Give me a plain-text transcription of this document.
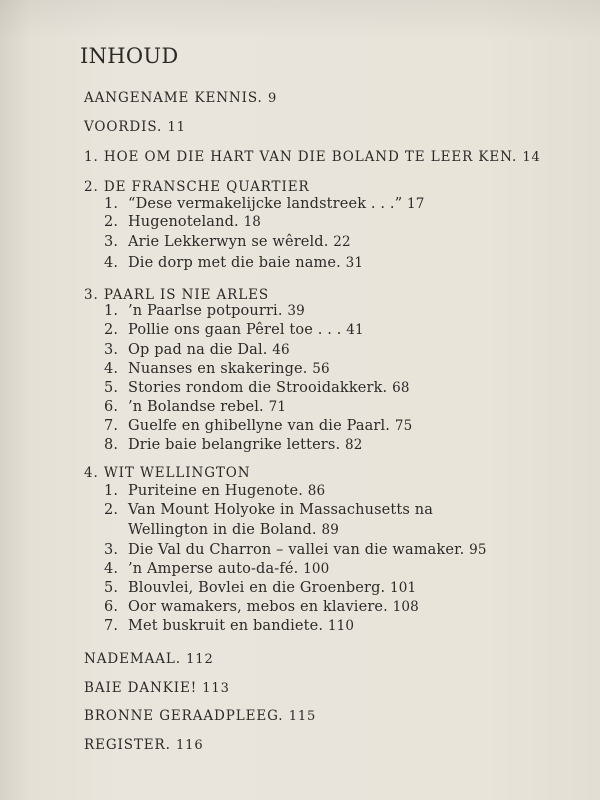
INHOUD
AANGENAME KENNIS. 9
VOORDIS. 11
1. HOE OM DIE HART VAN DIE BOLAND TE LEER KEN. 14
2. DE FRANSCHE QUARTIER
1. “Dese vermakelijcke landstreek . . .” 17
2. Hugenoteland. 18
3. Arie Lekkerwyn se wêreld. 22
4. Die dorp met die baie name. 31
3. PAARL IS NIE ARLES
1. ’n Paarlse potpourri. 39
2. Pollie ons gaan Pêrel toe . . . 41
3. Op pad na die Dal. 46
4. Nuanses en skakeringe. 56
5. Stories rondom die Strooidakkerk. 68
6. ’n Bolandse rebel. 71
7. Guelfe en ghibellyne van die Paarl. 75
8. Drie baie belangrike letters. 82
4. WIT WELLINGTON
1. Puriteine en Hugenote. 86
2. Van Mount Holyoke in Massachusetts na
Wellington in die Boland. 89
3. Die Val du Charron – vallei van die wamaker. 95
4. ’n Amperse auto-da-fé. 100
5. Blouvlei, Bovlei en die Groenberg. 101
6. Oor wamakers, mebos en klaviere. 108
7. Met buskruit en bandiete. 110
NADEMAAL. 112
BAIE DANKIE! 113
BRONNE GERAADPLEEG. 115
REGISTER. 116
